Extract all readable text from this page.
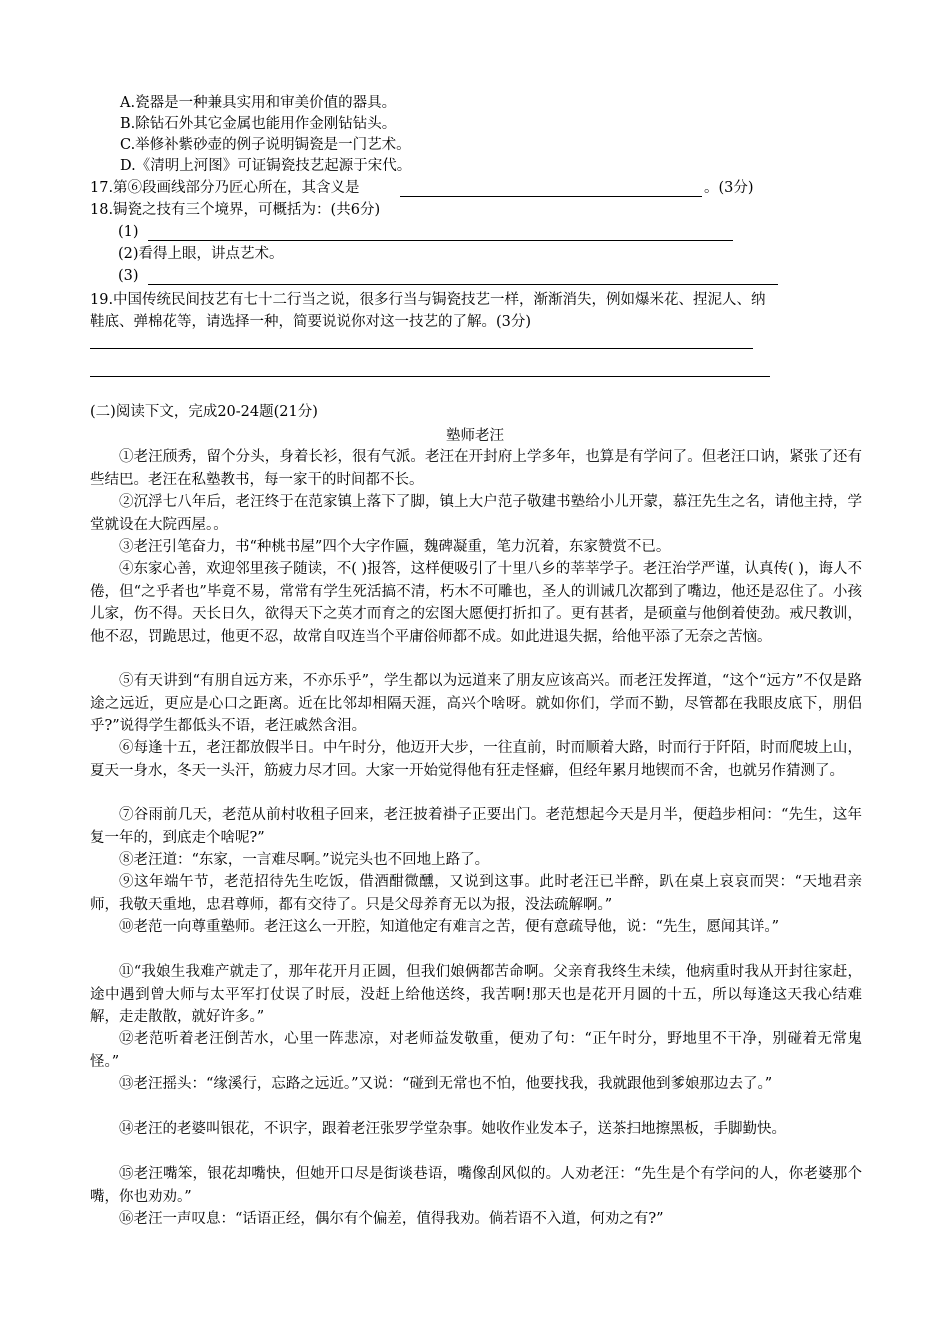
A.瓷器是一种兼具实用和审美价值的器具。
B.除钻石外其它金属也能用作金刚钻钻头。
C.举修补紫砂壶的例子说明锔瓷是一门艺术。
D.《清明上河图》可证锔瓷技艺起源于宋代。
17.第⑥段画线部分乃匠心所在，其含义是	。(3分)
18.锔瓷之技有三个境界，可概括为：(共6分)
(1)
(2)看得上眼，讲点艺术。
(3)
19.中国传统民间技艺有七十二行当之说，很多行当与锔瓷技艺一样，渐渐消失，例如爆米花、捏泥人、纳
鞋底、弹棉花等，请选择一种，简要说说你对这一技艺的了解。(3分)
(二)阅读下文，完成20-24题(21分)
塾师老汪
①老汪颀秀，留个分头，身着长衫，很有气派。老汪在开封府上学多年，也算是有学问了。但老汪口讷，紧张了还有些结巴。老汪在私塾教书，每一家干的时间都不长。
②沉浮七八年后，老汪终于在范家镇上落下了脚，镇上大户范子敬建书塾给小儿开蒙，慕汪先生之名，请他主持，学堂就设在大院西屋。。
③老汪引笔奋力，书“种桃书屋”四个大字作匾，魏碑凝重，笔力沉着，东家赞赏不已。
④东家心善，欢迎邻里孩子随读，不( )报答，这样便吸引了十里八乡的莘莘学子。老汪治学严谨，认真传( )，诲人不倦，但“之乎者也”毕竟不易，常常有学生死活搞不清，朽木不可雕也，圣人的训诫几次都到了嘴边，他还是忍住了。小孩儿家，伤不得。天长日久，欲得天下之英才而育之的宏图大愿便打折扣了。更有甚者，是硕童与他倒着使劲。戒尺教训，他不忍，罚跪思过，他更不忍，故常自叹连当个平庸俗师都不成。如此进退失据，给他平添了无奈之苦恼。
⑤有天讲到“有朋自远方来，不亦乐乎”，学生都以为远道来了朋友应该高兴。而老汪发挥道，“这个“远方”不仅是路途之远近，更应是心口之距离。近在比邻却相隔天涯，高兴个啥呀。就如你们，学而不勤，尽管都在我眼皮底下，朋侣乎?”说得学生都低头不语，老汪戚然含泪。
⑥每逢十五，老汪都放假半日。中午时分，他迈开大步，一往直前，时而顺着大路，时而行于阡陌，时而爬坡上山，夏天一身水，冬天一头汗，筋疲力尽才回。大家一开始觉得他有狂走怪癖，但经年累月地锲而不舍，也就另作猜测了。
⑦谷雨前几天，老范从前村收租子回来，老汪披着褂子正要出门。老范想起今天是月半，便趋步相问：“先生，这年复一年的，到底走个啥呢?”
⑧老汪道：“东家，一言难尽啊。”说完头也不回地上路了。
⑨这年端午节，老范招待先生吃饭，借酒酣微醺，又说到这事。此时老汪已半醉，趴在桌上哀哀而哭：“天地君亲师，我敬天重地，忠君尊师，都有交待了。只是父母养育无以为报，没法疏解啊。”
⑩老范一向尊重塾师。老汪这么一开腔，知道他定有难言之苦，便有意疏导他，说：“先生，愿闻其详。”
⑪“我娘生我难产就走了，那年花开月正圆，但我们娘俩都苦命啊。父亲育我终生未续，他病重时我从开封往家赶，途中遇到曾大师与太平军打仗误了时辰，没赶上给他送终，我苦啊!那天也是花开月圆的十五，所以每逢这天我心结难解，走走散散，就好许多。”
⑫老范听着老汪倒苦水，心里一阵悲凉，对老师益发敬重，便劝了句：“正午时分，野地里不干净，别碰着无常鬼怪。”
⑬老汪摇头：“缘溪行，忘路之远近。”又说：“碰到无常也不怕，他要找我，我就跟他到爹娘那边去了。”
⑭老汪的老婆叫银花，不识字，跟着老汪张罗学堂杂事。她收作业发本子，送茶扫地擦黑板，手脚勤快。
⑮老汪嘴笨，银花却嘴快，但她开口尽是街谈巷语，嘴像刮风似的。人劝老汪：“先生是个有学问的人，你老婆那个嘴，你也劝劝。”
⑯老汪一声叹息：“话语正经，偶尔有个偏差，值得我劝。倘若语不入道，何劝之有?”
